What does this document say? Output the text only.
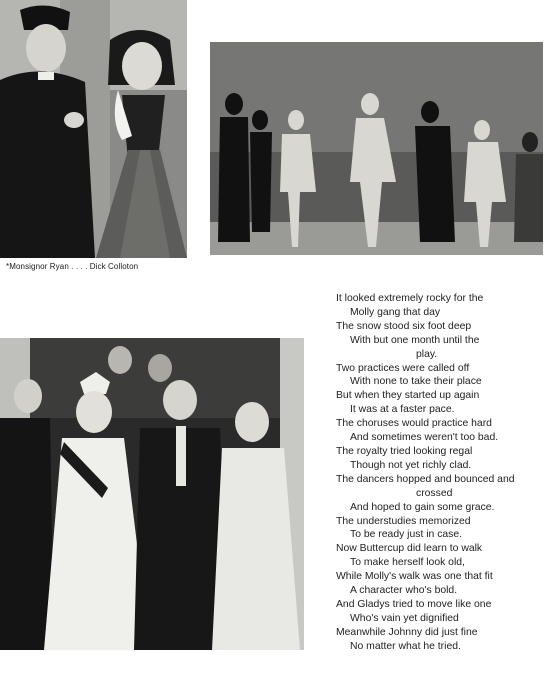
*Monsignor Ryan . . . . Dick Colloton
It looked extremely rocky for the
Molly gang that day
The snow stood six foot deep
With but one month until the
play.
Two practices were called off
With none to take their place
But when they started up again
It was at a faster pace.
The choruses would practice hard
And sometimes weren't too bad.
The royalty tried looking regal
Though not yet richly clad.
The dancers hopped and bounced and
crossed
And hoped to gain some grace.
The understudies memorized
To be ready just in case.
Now Buttercup did learn to walk
To make herself look old,
While Molly's walk was one that fit
A character who's bold.
And Gladys tried to move like one
Who's vain yet dignified
Meanwhile Johnny did just fine
No matter what he tried.
